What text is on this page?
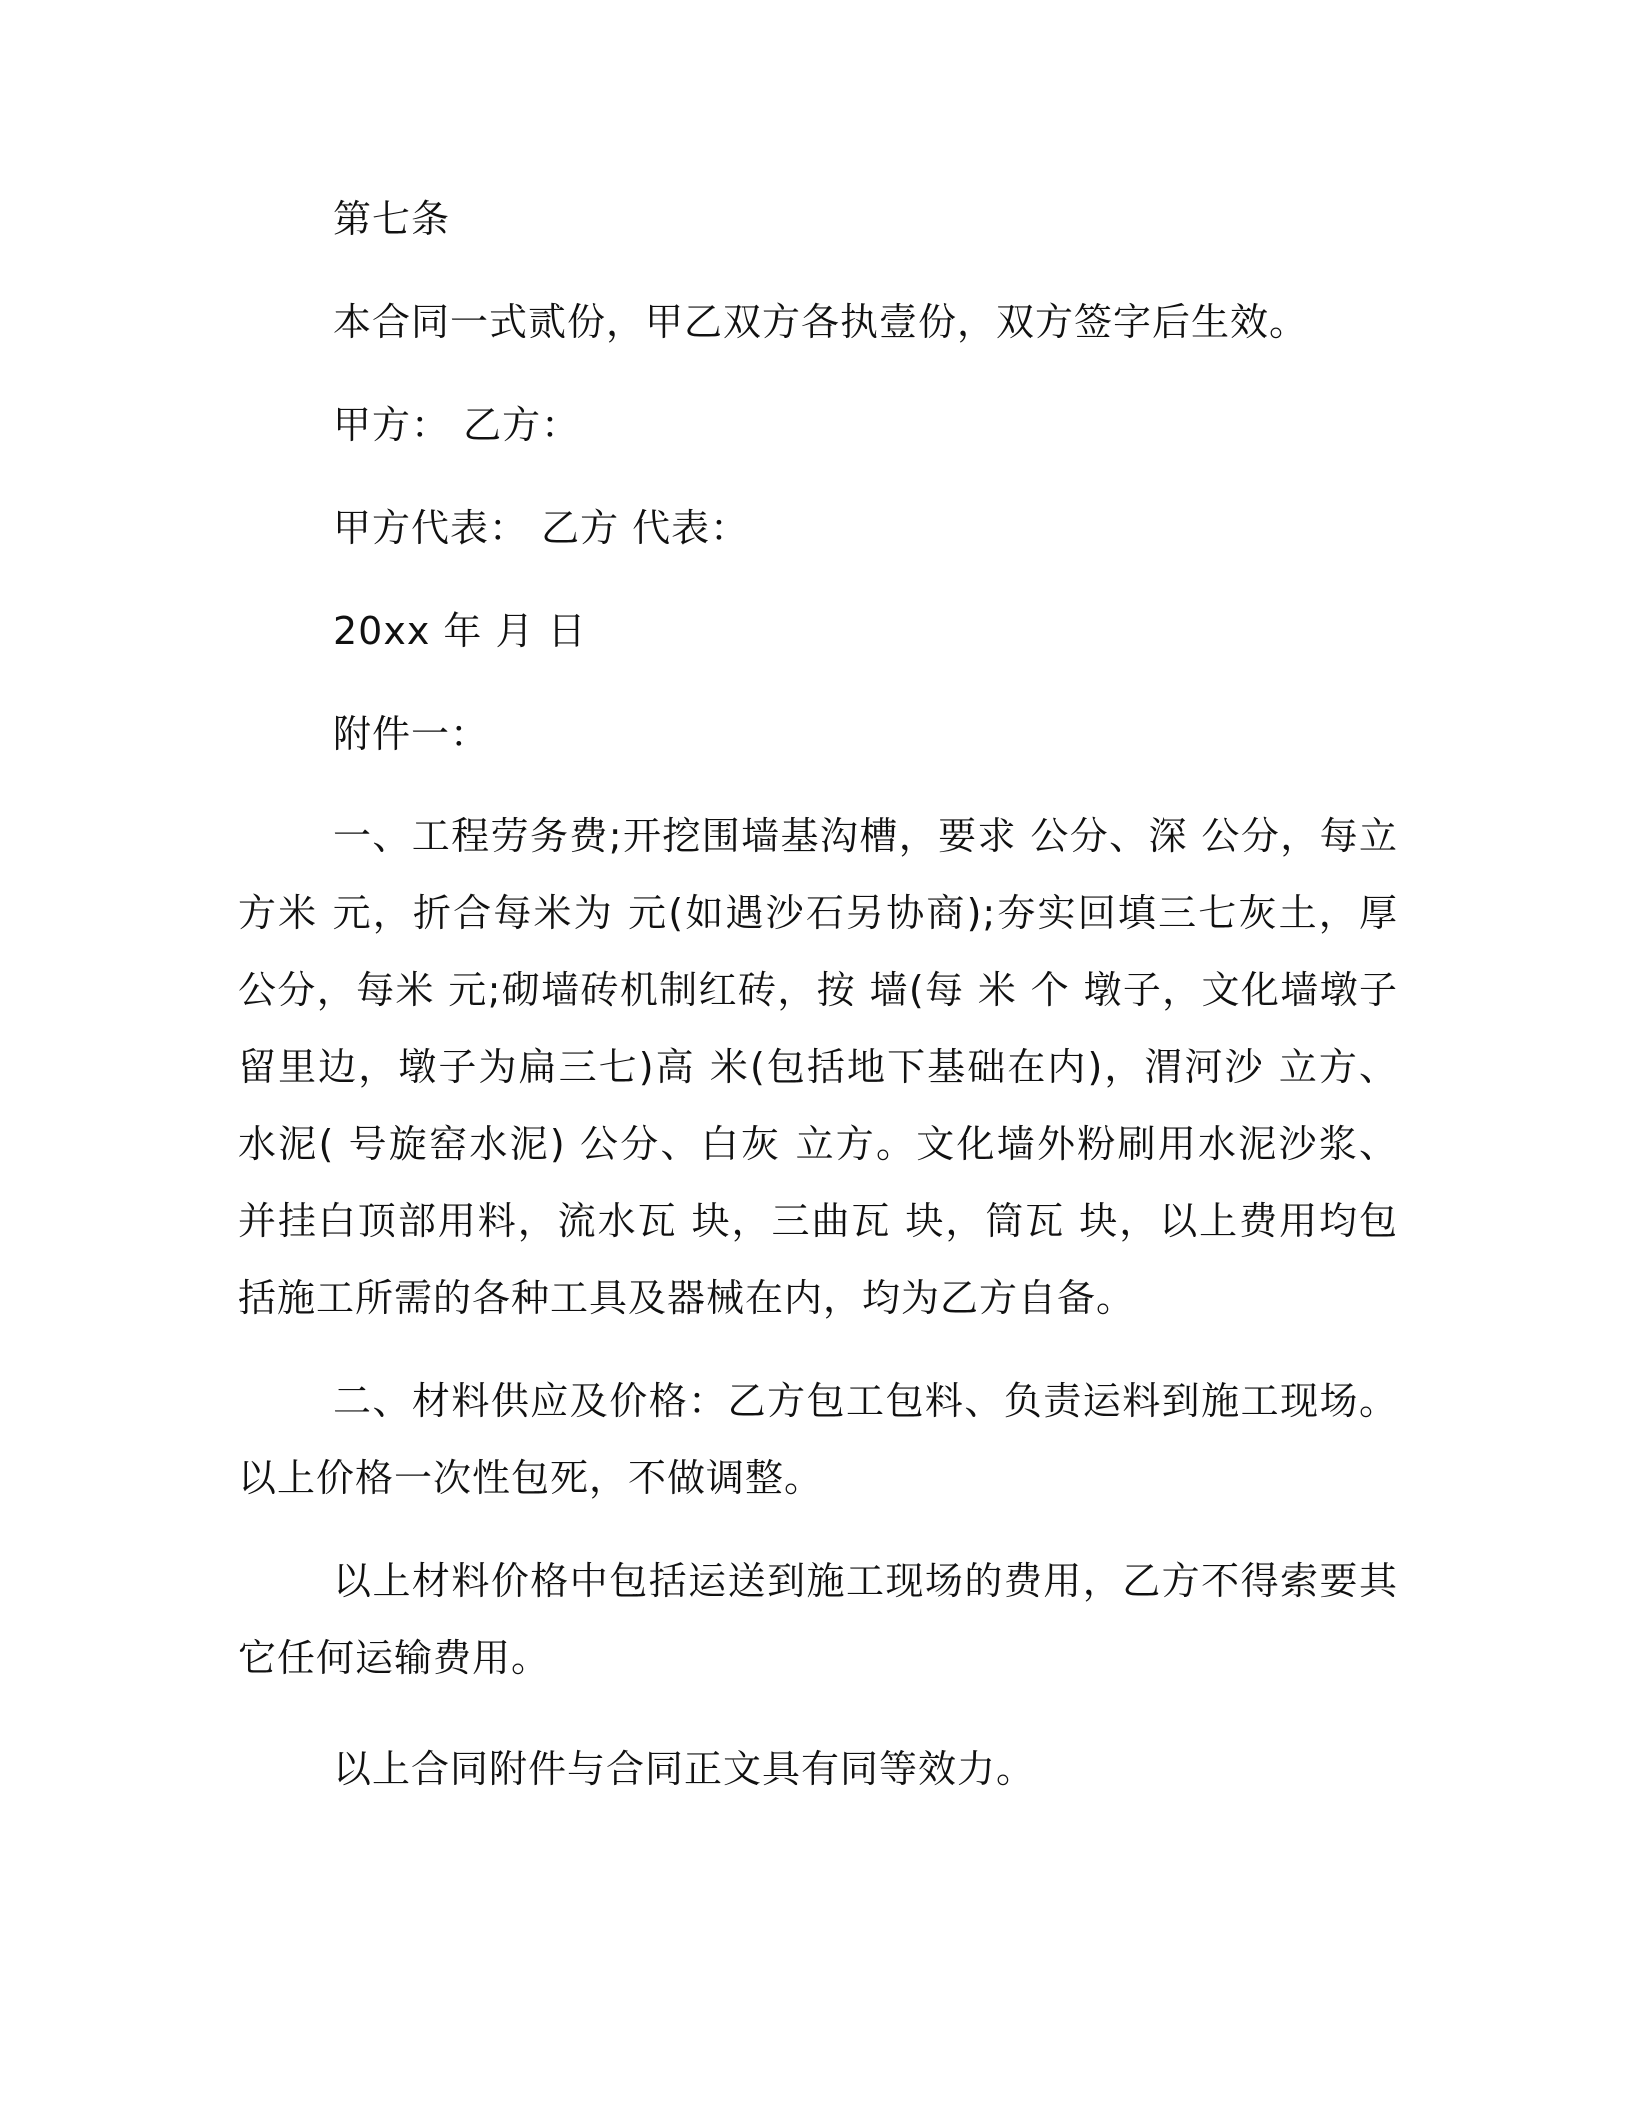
第七条
本合同一式贰份，甲乙双方各执壹份，双方签字后生效。
甲方： 乙方：
甲方代表： 乙方 代表：
20xx 年 月 日
附件一：
一、工程劳务费;开挖围墙基沟槽，要求 公分、深 公分，每立方米 元，折合每米为 元(如遇沙石另协商);夯实回填三七灰土，厚 公分，每米 元;砌墙砖机制红砖，按 墙(每 米 个 墩子，文化墙墩子留里边，墩子为扁三七)高 米(包括地下基础在内)，渭河沙 立方、水泥( 号旋窑水泥) 公分、白灰 立方。文化墙外粉刷用水泥沙浆、并挂白顶部用料，流水瓦 块，三曲瓦 块，筒瓦 块，以上费用均包括施工所需的各种工具及器械在内，均为乙方自备。
二、材料供应及价格：乙方包工包料、负责运料到施工现场。以上价格一次性包死，不做调整。
以上材料价格中包括运送到施工现场的费用，乙方不得索要其它任何运输费用。
以上合同附件与合同正文具有同等效力。
